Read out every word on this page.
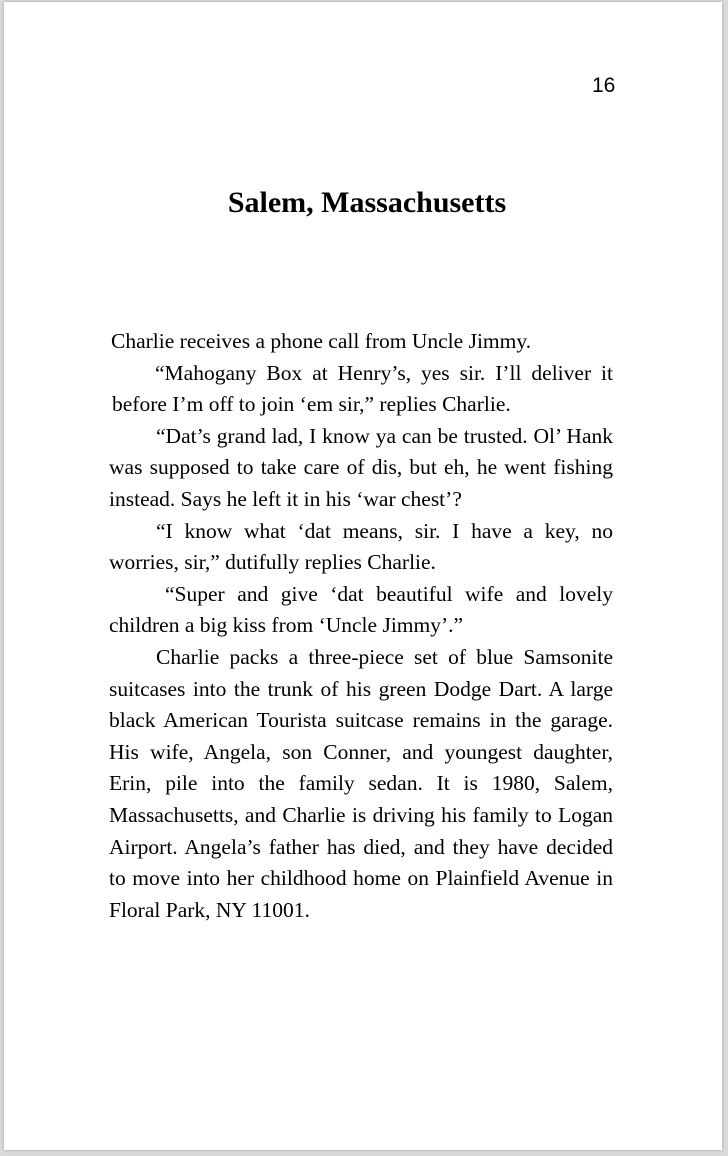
16
Salem, Massachusetts

Charlie receives a phone call from Uncle Jimmy.

“Mahogany Box at Henry’s, yes sir. I’ll deliver it before I’m off to join ‘em sir,” replies Charlie.

“Dat’s grand lad, I know ya can be trusted. Ol’ Hank was supposed to take care of dis, but eh, he went fishing instead. Says he left it in his ‘war chest’?

“I know what ‘dat means, sir. I have a key, no worries, sir,” dutifully replies Charlie.

“Super and give ‘dat beautiful wife and lovely children a big kiss from ‘Uncle Jimmy’.”

Charlie packs a three-piece set of blue Samsonite suitcases into the trunk of his green Dodge Dart. A large black American Tourista suitcase remains in the garage. His wife, Angela, son Conner, and youngest daughter, Erin, pile into the family sedan. It is 1980, Salem, Massachusetts, and Charlie is driving his family to Logan Airport. Angela’s father has died, and they have decided to move into her childhood home on Plainfield Avenue in Floral Park, NY 11001.
